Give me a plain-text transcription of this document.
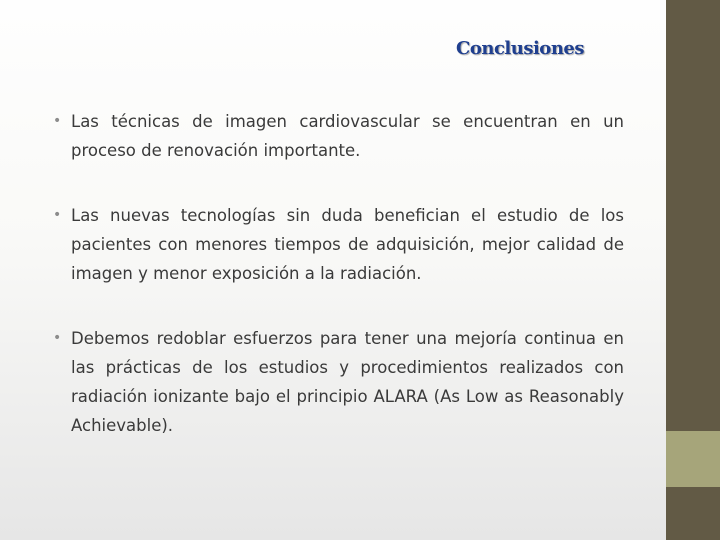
Conclusiones
• Las técnicas de imagen cardiovascular se encuentran en un proceso de renovación importante.
• Las nuevas tecnologías sin duda benefician el estudio de los pacientes con menores tiempos de adquisición, mejor calidad de imagen y menor exposición a la radiación.
• Debemos redoblar esfuerzos para tener una mejoría continua en las prácticas de los estudios y procedimientos realizados con radiación ionizante bajo el principio ALARA (As Low as Reasonably Achievable).
